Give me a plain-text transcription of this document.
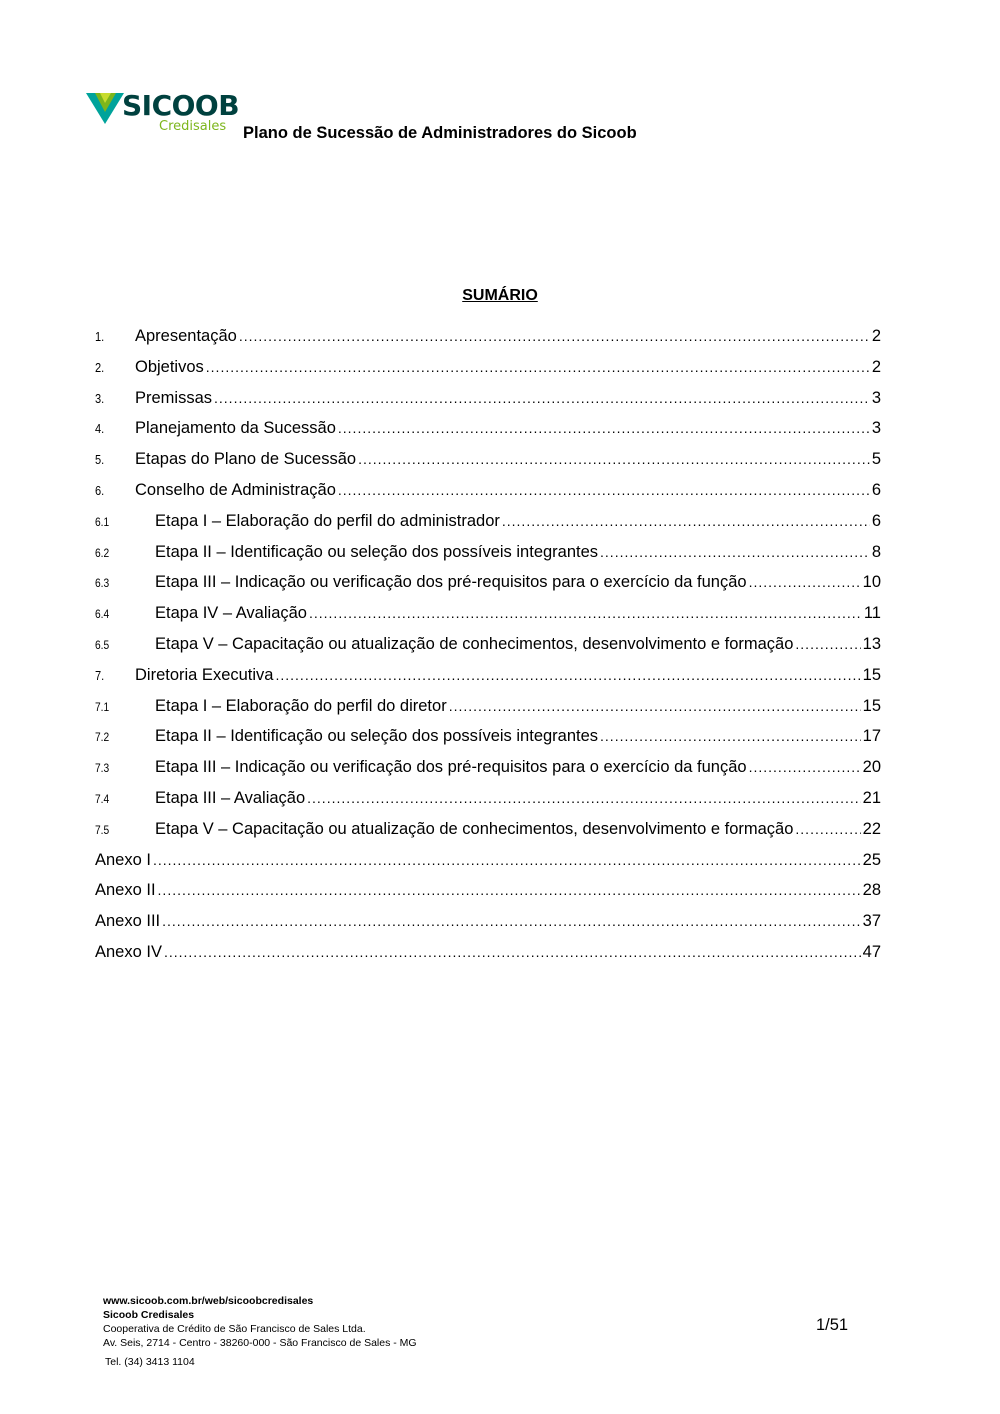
SICOOB
Credisales Plano de Sucessão de Administradores do Sicoob
SUMÁRIO
1.	Apresentação .....	2
2.	Objetivos .....	2
3.	Premissas .....	3
4.	Planejamento da Sucessão .....	3
5.	Etapas do Plano de Sucessão .....	5
6.	Conselho de Administração .....	6
6.1	Etapa I – Elaboração do perfil do administrador .....	6
6.2	Etapa II – Identificação ou seleção dos possíveis integrantes .....	8
6.3	Etapa III – Indicação ou verificação dos pré-requisitos para o exercício da função .....	10
6.4	Etapa IV – Avaliação .....	11
6.5	Etapa V – Capacitação ou atualização de conhecimentos, desenvolvimento e formação .....	13
7.	Diretoria Executiva .....	15
7.1	Etapa I – Elaboração do perfil do diretor .....	15
7.2	Etapa II – Identificação ou seleção dos possíveis integrantes .....	17
7.3	Etapa III – Indicação ou verificação dos pré-requisitos para o exercício da função .....	20
7.4	Etapa III – Avaliação .....	21
7.5	Etapa V – Capacitação ou atualização de conhecimentos, desenvolvimento e formação .....	22
Anexo I .....	25
Anexo II .....	28
Anexo III .....	37
Anexo IV .....	47
www.sicoob.com.br/web/sicoobcredisales
Sicoob Credisales
Cooperativa de Crédito de São Francisco de Sales Ltda.
Av. Seis, 2714 - Centro - 38260-000 - São Francisco de Sales - MG
Tel. (34) 3413 1104
1/51
